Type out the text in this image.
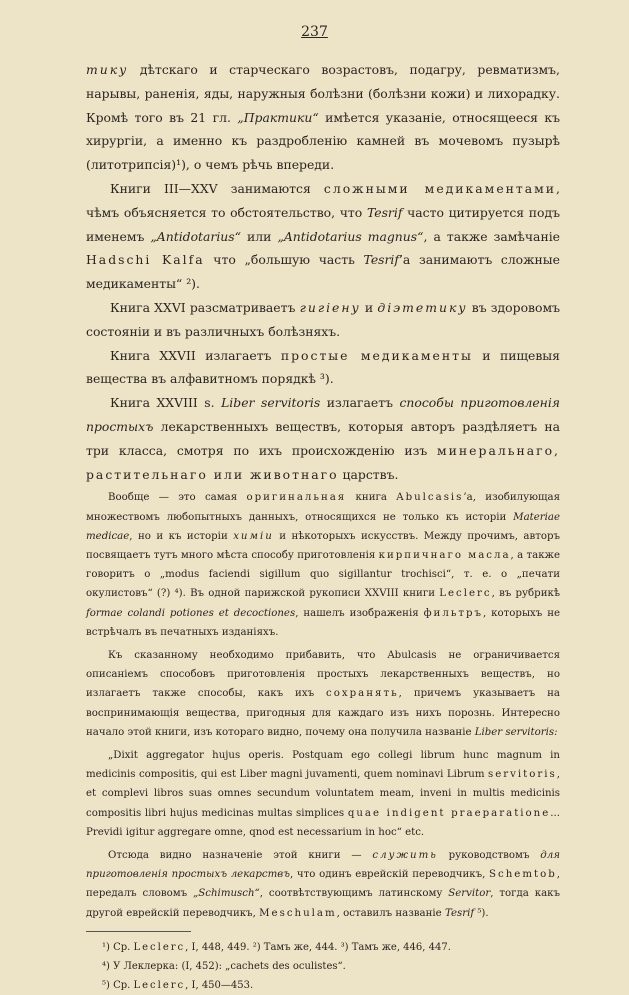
237

тику дѣтскаго и старческаго возрастовъ, подагру, ревматизмъ, нарывы, раненія, яды, наружныя болѣзни (болѣзни кожи) и лихорадку. Кромѣ того въ 21 гл. „Практики“ имѣется указаніе, относящееся къ хирургіи, а именно къ раздробленію камней въ мочевомъ пузырѣ (литотрипсія)¹), о чемъ рѣчь впереди.

Книги III—XXV занимаются сложными медикаментами, чѣмъ объясняется то обстоятельство, что Tesrif часто цитируется подъ именемъ „Antidotarius“ или „Antidotarius magnus“, а также замѣчаніе Hadschi Kalfa что „большую часть Tesrif’а занимаютъ сложные медикаменты“ ²).

Книга XXVI разсматриваетъ гигіену и діэтетику въ здоровомъ состояніи и въ различныхъ болѣзняхъ.

Книга XXVII излагаетъ простые медикаменты и пищевыя вещества въ алфавитномъ порядкѣ ³).

Книга XXVIII s. Liber servitoris излагаетъ способы приготовленія простыхъ лекарственныхъ веществъ, которыя авторъ раздѣляетъ на три класса, смотря по ихъ происхожденію изъ минеральнаго, растительнаго или животнаго царствъ.

Вообще — это самая оригинальная книга Abulcasis’а, изобилующая множествомъ любопытныхъ данныхъ, относящихся не только къ исторіи Materiae medicae, но и къ исторіи химіи и нѣкоторыхъ искусствъ. Между прочимъ, авторъ посвящаетъ тутъ много мѣста способу приготовленія кирпичнаго масла, а также говоритъ о „modus faciendi sigillum quo sigillantur trochisci“, т. е. о „печати окулистовъ“ (?) ⁴). Въ одной парижской рукописи XXVIII книги Leclerc, въ рубрикѣ formae colandi potiones et decoctiones, нашелъ изображенія фильтръ, которыхъ не встрѣчалъ въ печатныхъ изданіяхъ.

Къ сказанному необходимо прибавить, что Abulcasis не ограничивается описаніемъ способовъ приготовленія простыхъ лекарственныхъ веществъ, но излагаетъ также способы, какъ ихъ сохранять, причемъ указываетъ на воспринимающія вещества, пригодныя для каждаго изъ нихъ порознь. Интересно начало этой книги, изъ котораго видно, почему она получила названіе Liber servitoris:

„Dixit aggregator hujus operis. Postquam ego collegi librum hunc magnum in medicinis compositis, qui est Liber magni juvamenti, quem nominavi Librum servitoris, et complevi libros suas omnes secundum voluntatem meam, inveni in multis medicinis compositis libri hujus medicinas multas simplices quae indigent praeparatione... Previdi igitur aggregare omne, qnod est necessarium in hoc“ etc.

Отсюда видно назначеніе этой книги — служить руководствомъ для приготовленія простыхъ лекарствъ, что одинъ еврейскій переводчикъ, Schemtob, передалъ словомъ „Schimusch“, соотвѣтствующимъ латинскому Servitor, тогда какъ другой еврейскій переводчикъ, Meschulam, оставилъ названіе Tesrif ⁵).

¹) Ср. Leclerc, I, 448, 449. ²) Тамъ же, 444. ³) Тамъ же, 446, 447.

⁴) У Леклерка: (I, 452): „cachets des oculistes“.

⁵) Ср. Leclerc, I, 450—453.
